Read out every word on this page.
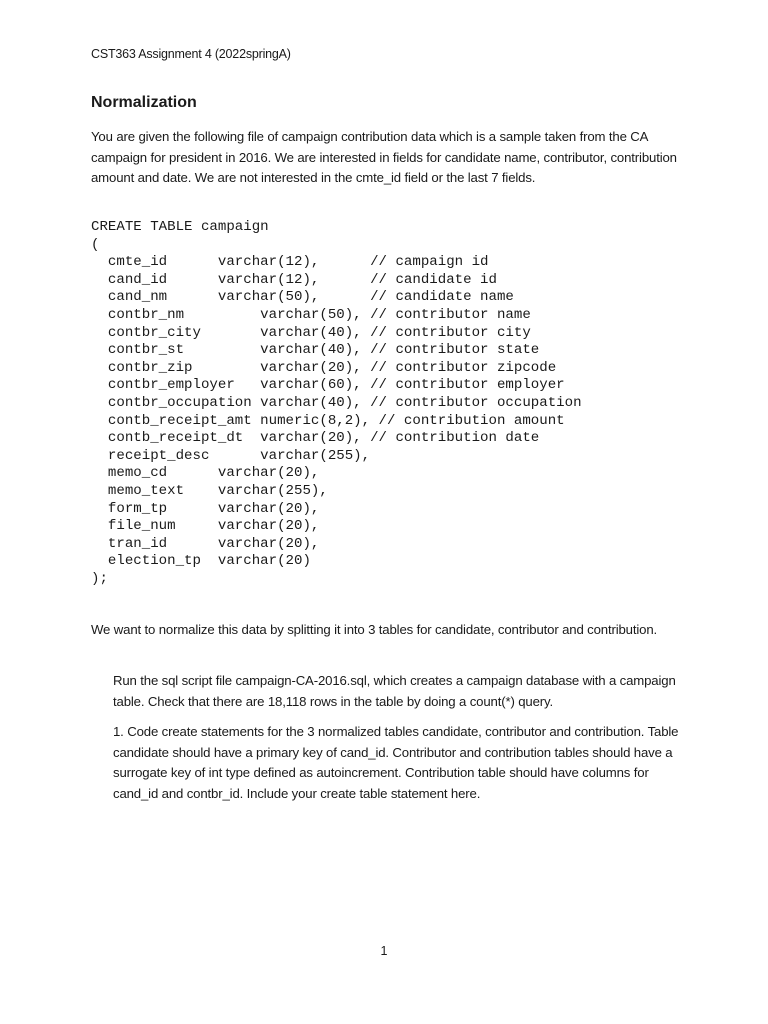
CST363 Assignment 4 (2022springA)
Normalization

You are given the following file of campaign contribution data which is a sample taken from the CA campaign for president in 2016. We are interested in fields for candidate name, contributor, contribution amount and date. We are not interested in the cmte_id field or the last 7 fields.

CREATE TABLE campaign
(
cmte_id      varchar(12),      // campaign id
cand_id      varchar(12),      // candidate id
cand_nm      varchar(50),      // candidate name
contbr_nm         varchar(50), // contributor name
contbr_city       varchar(40), // contributor city
contbr_st         varchar(40), // contributor state
contbr_zip        varchar(20), // contributor zipcode
contbr_employer   varchar(60), // contributor employer
contbr_occupation varchar(40), // contributor occupation
contb_receipt_amt numeric(8,2), // contribution amount
contb_receipt_dt  varchar(20), // contribution date
receipt_desc      varchar(255),
memo_cd      varchar(20),
memo_text    varchar(255),
form_tp      varchar(20),
file_num     varchar(20),
tran_id      varchar(20),
election_tp  varchar(20)
);

We want to normalize this data by splitting it into 3 tables for candidate, contributor and contribution.

Run the sql script file campaign-CA-2016.sql, which creates a campaign database with a campaign table. Check that there are 18,118 rows in the table by doing a count(*) query.

1. Code create statements for the 3 normalized tables candidate, contributor and contribution. Table candidate should have a primary key of cand_id. Contributor and contribution tables should have a surrogate key of int type defined as autoincrement. Contribution table should have columns for cand_id and contbr_id. Include your create table statement here.

1
